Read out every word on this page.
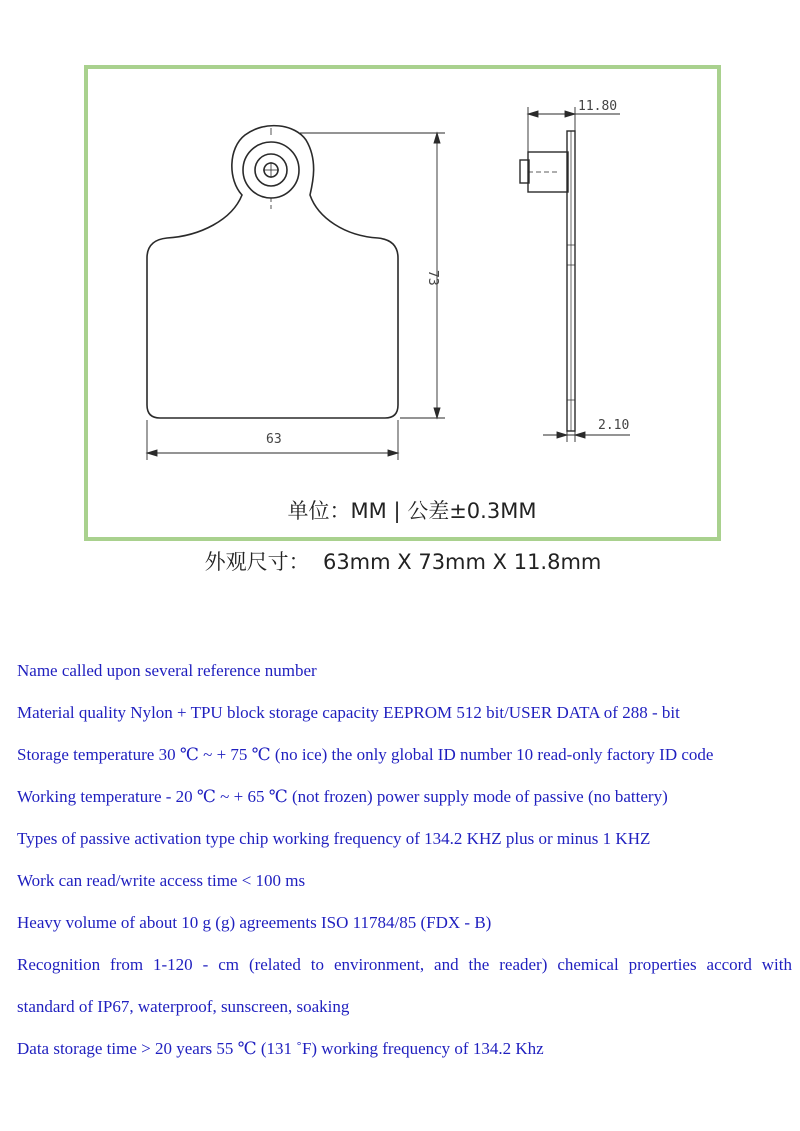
63
73
11.80
2.10
单位：MM | 公差±0.3MM
外观尺寸：  63mm X 73mm X 11.8mm
Name called upon several reference number
Material quality Nylon + TPU block storage capacity EEPROM 512 bit/USER DATA of 288 - bit
Storage temperature 30 ℃ ~ + 75 ℃ (no ice) the only global ID number 10 read-only factory ID code
Working temperature - 20 ℃ ~ + 65 ℃ (not frozen) power supply mode of passive (no battery)
Types of passive activation type chip working frequency of 134.2 KHZ plus or minus 1 KHZ
Work can read/write access time < 100 ms
Heavy volume of about 10 g (g) agreements ISO 11784/85 (FDX - B)
Recognition from 1-120 - cm (related to environment, and the reader) chemical properties accord with
standard of IP67, waterproof, sunscreen, soaking
Data storage time > 20 years 55 ℃ (131 ˚F) working frequency of 134.2 Khz
